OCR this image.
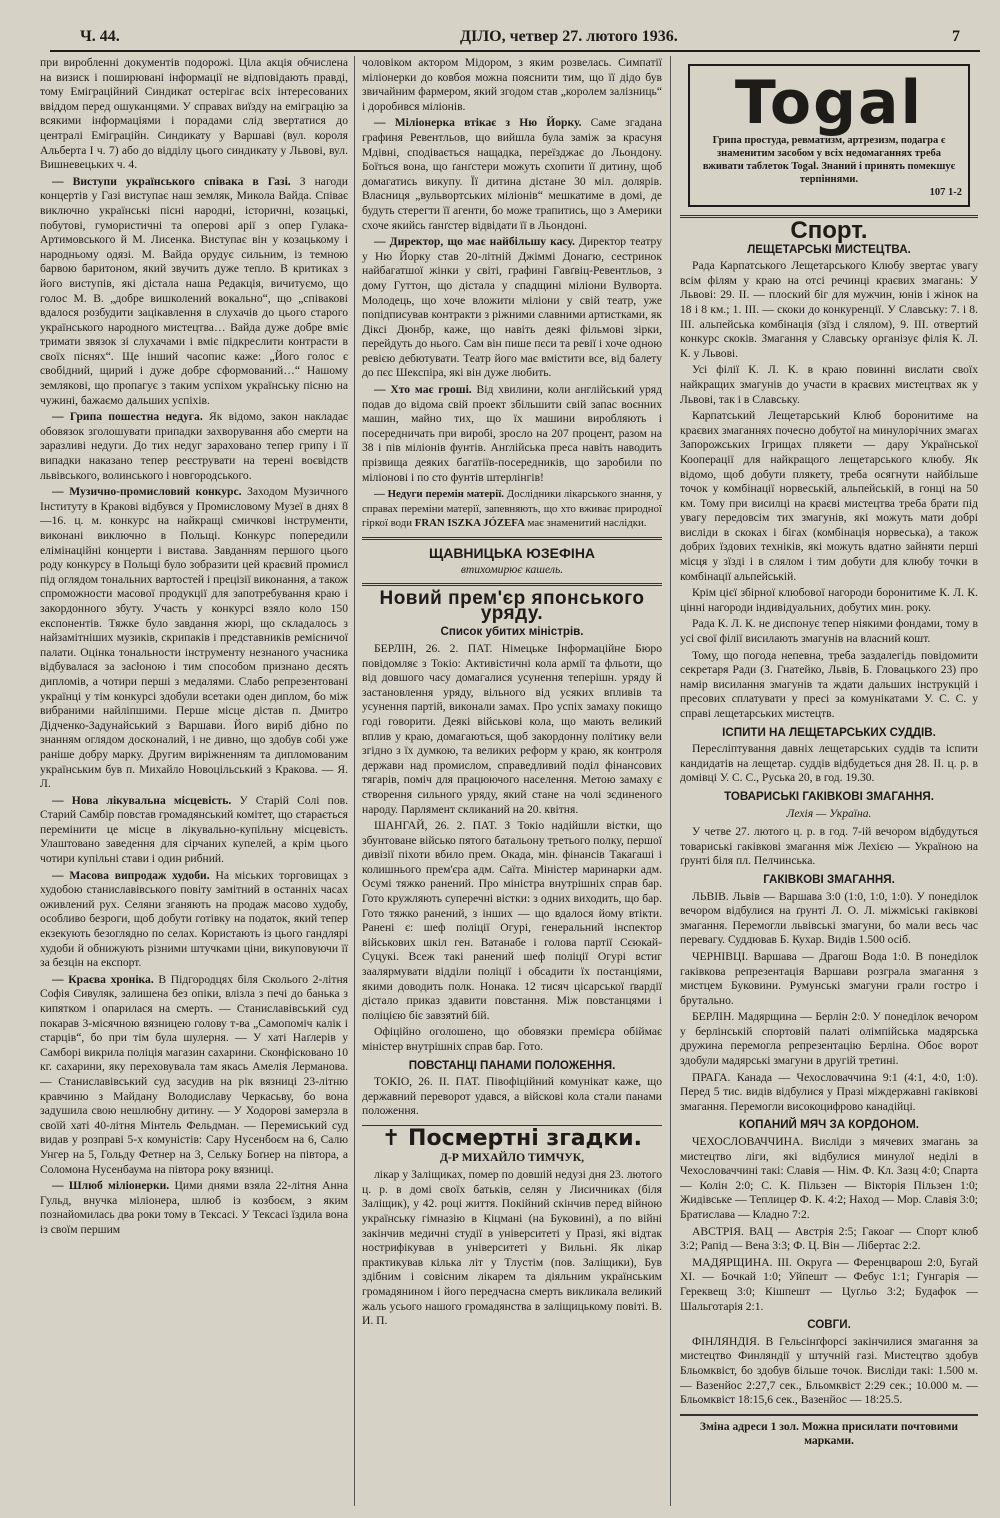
Ч. 44.	ДІЛО, четвер 27. лютого 1936.	7

при виробленні документів подорожі. Ціла акція обчислена на визиск і поширювані інформації не відповідають правді, тому Еміграційний Синдикат остерігає всіх інтересованих ввіддом перед ошуканцями. У справах виїзду на еміграцію за всякими інформаціями і порадами слід звертатися до централі Еміграційн. Синдикату у Варшаві (вул. короля Альберта І ч. 7) або до відділу цього синдикату у Львові, вул. Вишневецьких ч. 4.

— Виступи українського співака в Газі. З нагоди концертів у Газі виступає наш земляк, Микола Вайда. Співає виключно українські пісні народні, історичні, козацькі, побутові, гумористичні та оперові арії з опер Гулака-Артимовського й М. Лисенка. Виступає він у козацькому і народньому одязі. М. Вайда орудує сильним, із темною барвою баритоном, який звучить дуже тепло. В критиках з його виступів, які дістала наша Редакція, вичитуємо, що голос М. В. „добре вишколений вокально“, що „співакові вдалося розбудити зацікавлення в слухачів до цього старого українського народного мистецтва… Вайда дуже добре вміє тримати звязок зі слухачами і вміє підкреслити контрасти в своїх піснях“. Ще інший часопис каже: „Його голос є свобідний, щирий і дуже добре сформований…“ Нашому землякові, що пропагує з таким успіхом українську пісню на чужині, бажаємо дальших успіхів.

— Грипа пошестна недуга. Як відомо, закон накладає обовязок зголошувати припадки захворування або смерти на заразливі недуги. До тих недуг зараховано тепер грипу і її випадки наказано тепер реєструвати на терені воєвідств львівського, волинського і новгородського.

— Музично-промисловий конкурс. Заходом Музичного Інституту в Кракові відбувся у Промисловому Музеї в днях 8—16. ц. м. конкурс на найкращі смичкові інструменти, виконані виключно в Польщі. Конкурс попередили елімінаційні концерти і виставa. Завданням першого цього роду конкурсу в Польщі було зобразити цей краєвий промисл під оглядом тональних вартостей і прецізії виконання, а також спроможности масової продукції для запотребування краю і закордонного збуту. Участь у конкурсі взяло коло 150 експонентів. Тяжке було завдання жюрі, що складалось з найзамітніших музиків, скрипаків і представників ремісничої палати. Оцінка тональности інструменту незнаного учасника відбувалася за засłоною і тим способом признано десять дипломів, а чотири перші з медалями. Слабо репрезентовані українці у тім конкурсі здобули всетаки оден диплом, бо між вибраними найліпшими. Перше місце дістав п. Дмитро Дідченко-Задунайський з Варшави. Його виріб дібно по знанням оглядом досконалий, і не дивно, що здобув собі уже раніше добру марку. Другим виріжненням та дипломованим українським був п. Михайло Новоцільський з Кракова. — Я. Л.

— Нова лікувальна місцевість. У Старій Солі пов. Старий Самбір повстав громадянський комітет, що старається перемінити це місце в лікувально-купільну місцевість. Улаштовано заведення для сірчаних купелей, а крім цього чотири купільні стави і один рибний.

— Масова випродаж худоби. На міських торговищах з худобою станиславівського повіту замітний в останніх часах оживлений рух. Селяни зганяють на продаж масово худобу, особливо безроги, щоб добути готівку на податок, який тепер екзекують безоглядно по селах. Користають із цього гандлярі худоби й обнижують різними штучками ціни, викуповуючи її за безцін на експорт.

— Краєва хроніка. В Підгородцях біля Сколього 2-літня Софія Сивуляк, залишена без опіки, влізла з печі до банька з кипятком і опарилася на смерть. — Станиславівський суд покарав 3-місячною вязницею голову т-ва „Самопоміч калік і старців“, бо при тім була шулерня. — У хаті Наґлерів у Самборі викрила поліція магазин сахарини. Сконфісковано 10 кг. сахарини, яку переховувала там якась Амелія Лерманова. — Станиславівський суд засудив на рік вязниці 23-літню кравчиню з Майдану Володиславу Черкасьву, бо вона задушила свою нешлюбну дитину. — У Ходорові замерзла в своїй хаті 40-літня Мінтель Фельдман. — Перемиський суд видав у розправі 5-х комуністів: Сару Нусенбоєм на 6, Салю Унгер на 5, Гольду Фетнер на 3, Сельку Боґнер на півтора, а Соломона Нусенбаума на півтора року вязниці.

— Шлюб міліонерки. Цими днями взяла 22-літня Анна Гульд, внучка міліонера, шлюб із козбоєм, з яким познайомилась два роки тому в Тексасі. У Тексасі їздила вона із своїм першим

чоловіком актором Мідором, з яким розвелась. Симпатії міліонерки до ковбоя можна пояснити тим, що її дідо був звичайним фармером, який згодом став „королем залізниць“ і доробився міліонів.

— Міліонерка втікає з Ню Йорку. Саме згадана графиня Ревентльов, що вийшла була заміж за красуня Мдівні, сподівається нащадка, переїзджає до Льондону. Боїться вона, що ґанґстери можуть схопити її дитину, щоб домагатись викупу. Її дитина дістане 30 міл. долярів. Власниця „вульвортських міліонів“ мешкатиме в домі, де будуть стерегти її агенти, бо може трапитись, що з Америки схоче якийсь ґанґстер відвідати її в Льондоні.

— Директор, що має найбільшу касу. Директор театру у Ню Йорку став 20-літній Джіммі Донагю, сестринок найбагатшої жінки у світі, графині Гавґвіц-Ревентльов, з дому Гуттон, що дістала у спадщині міліони Вулворта. Молодець, що хоче вложити міліони у свій театр, уже попідписував контракти з ріжними славними артистками, як Діксі Дюнбр, каже, що навіть деякі фільмові зірки, перейдуть до нього. Сам він пише пєси та ревії і хоче одною ревією дебютувати. Театр його має вмістити все, від балету до пєс Шекспіра, які він дуже любить.

— Хто має гроші. Від хвилини, коли англійський уряд подав до відома свій проект збільшити свій запас воєнних машин, майно тих, що їх машини виробляють і посередничать при виробі, зросло на 207 процент, разом на 38 і пів міліонів фунтів. Англійська преса навіть наводить прізвища деяких багатіїв-посередників, що заробили по міліонові і по сто фунтів штерлінгів!

— Недуги перемін матерії. Дослідники лікарського знання, у справах переміни матерії, запевняють, що хто вживає природної гіркої води FRAN ISZKA JÓZEFA має знаменитий наслідки.

ЩАВНИЦЬКА ЮЗЕФІНА
втихомирює кашель.
Новий прем'єр японського уряду.
Список убитих міністрів.

БЕРЛІН, 26. 2. ПАТ. Німецьке Інформаційне Бюро повідомляє з Токіо: Активістичні кола армії та фльоти, що від довшого часу домагалися усунення теперішн. уряду й застановлення уряду, вільного від усяких впливів та усунення партій, виконали замах. Про успіх замаху покищо годі говорити. Деякі військові кола, що мають великий вплив у краю, домагаються, щоб закордонну політику вели згідно з їх думкою, та великих реформ у краю, як контроля держави над промислом, справедливий поділ фінансових тягарів, поміч для працюючого населення. Метою замаху є створення сильного уряду, який стане на чолі зєдиненого народу. Парлямент скликаний на 20. квітня.

ШАНГАЙ, 26. 2. ПАТ. З Токіо надійшли вістки, що збунтоване військо пятого батальону третього полку, першої дивізії піхоти вбило прем. Окада, мін. фінансів Такагаші і колишнього прем'єра адм. Саїта. Міністер маринарки адм. Осумі тяжко ранений. Про міністра внутрішніх справ бар. Гото кружляють суперечні вістки: з одних виходить, що бар. Гото тяжко ранений, з інших — що вдалося йому втікти. Ранені є: шеф поліції Огурі, генеральний інспектор військових шкіл ген. Ватанабе і голова партії Сєюкай-Суцукі. Всеж такі ранений шеф поліції Огурі встиг заалярмувати відділи поліції і обсадити їх постанціями, якими доводить полк. Нонака. 12 тисяч цісарської ґвардії дістало приказ здавити повстання. Між повстанцями і поліцією біє завзятий бій.

Офіційно оголошено, що обовязки премієра обіймає міністер внутрішніх справ бар. Гото.

ПОВСТАНЦІ ПАНАМИ ПОЛОЖЕННЯ.

ТОКІО, 26. ІІ. ПАТ. Півофіційний комунікат каже, що державний переворот удався, а війскові кола стали панами положення.

✝ Посмертні згадки.
Д-Р МИХАЙЛО ТИМЧУК,

лікар у Заліщиках, помер по довшій недузі дня 23. лютого ц. р. в домі своїх батьків, селян у Лисичниках (біля Заліщик), у 42. році життя. Покійний скінчив перед війною українську гімназію в Кіцмані (на Буковині), а по війні закінчив медичні студії в університеті у Празі, які відтак нострифікував в університеті у Вильні. Як лікар практикував кілька літ у Тлустім (пов. Заліщики), Був здібним і совісним лікарем та діяльним українським громадянином і його передчасна смерть викликала великий жаль усього нашого громадянства в заліщицькому повіті. В. И. П.

Togal
Грипа простуда, ревматизм, артрезизм, подагра є знаменитим засобом у всіх недомаганнях треба вживати таблеток Togal. Знаний і принять помекшує терпіннями.
107 1-2
Спорт.
ЛЕЩЕТАРСЬКІ МИСТЕЦТВА.

Рада Карпатського Лещетарського Клюбу звертає увагу всім філям у краю на отсі речинці краєвих змагань: У Львові: 29. ІІ. — плоский біг для мужчин, юнів і жінок на 18 і 8 км.; 1. ІІІ. — скоки до конкуренції. У Славську: 7. і 8. ІІІ. альпейська комбінація (зїзд і слялом), 9. ІІІ. отвертий конкурс скоків. Змагання у Славську організує філія К. Л. К. у Львові.

Усі філії К. Л. К. в краю повинні вислати своїх найкращих змагунів до участи в краєвих мистецтвах як у Львові, так і в Славську.

Карпатський Лещетарський Клюб боронитиме на краєвих змаганнях почесно добутої на минулорічних змагах Запорожських Ігрищах плякети — дару Української Кооперації для найкращого лещетарського клюбу. Як відомо, щоб добути плякету, треба осягнути найбільше точок у комбінації норвеській, альпейській, в гонці на 50 км. Тому при висилці на краєві мистецтва треба брати під увагу передовсім тих змагунів, які можуть мати добрі висліди в скоках і бігах (комбінація норвеська), а також добрих їздових техніків, які можуть вдатно зайняти перші місця у зїзді і в слялом і тим добути для клюбу точки в комбінації альпейській.

Крім цієї збірної клюбової нагороди боронитиме К. Л. К. цінні нагороди індивідуальних, добутих мин. року.

Рада К. Л. К. не диспонує тепер ніякими фондами, тому в усі свої філії висилають змагунів на власний кошт.

Тому, що погода непевна, треба заздалегідь повідомити секретаря Ради (З. Гнатейко, Львів, Б. Гловацького 23) про намір висилання змагунів та ждати дальших інструкцій і пресових сплатувати у пресі за комунікатами У. С. С. у справі лещетарських мистецтв.

ІСПИТИ НА ЛЕЩЕТАРСЬКИХ СУДДІВ.

Пересліптування давніх лещетарських суддів та іспити кандидатів на лещетар. суддів відбудеться дня 28. II. ц. р. в домівці У. С. С., Руська 20, в год. 19.30.

ТОВАРИСЬКІ ГАКІВКОВІ ЗМАГАННЯ.
Лехія — Україна.

У четве 27. лютого ц. р. в год. 7-ій вечором відбудуться товариські гаківкові змагання між Лехією — Україною на ґрунті біля пл. Пелчинська.

ГАКІВКОВІ ЗМАГАННЯ.

ЛЬВІВ. Львів — Варшава 3:0 (1:0, 1:0, 1:0). У понеділок вечором відбулися на ґрунті Л. О. Л. міжміські гаківкові змагання. Перемогли львівські змагуни, бо мали весь час перевагу. Суддював Б. Кухар. Видів 1.500 осіб.

ЧЕРНІВЦІ. Варшава — Драгош Вода 1:0. В понеділок гаківкова репрезентація Варшави розграла змагання з мистцем Буковини. Румунські змагуни грали гостро і брутально.

БЕРЛІН. Мадярщина — Берлін 2:0. У понеділок вечором у берлінській спортовій палаті олімпійська мадярська дружина перемогла репрезентацію Берліна. Обоє ворот здобули мадярські змагуни в другій третині.

ПРАГА. Канада — Чехословаччина 9:1 (4:1, 4:0, 1:0). Перед 5 тис. видів відбулися у Празі міждержавні гаківкові змагання. Перемогли високоцифрово канадійці.

КОПАНИЙ МЯЧ ЗА КОРДОНОМ.

ЧЕХОСЛОВАЧЧИНА. Висліди з мячевих змагань за мистецтво ліги, які відбулися минулої неділі в Чехословаччині такі: Славія — Нім. Ф. Кл. Зазц 4:0; Спарта — Колін 2:0; С. К. Пільзен — Вікторія Пільзен 1:0; Жидівське — Теплицер Ф. К. 4:2; Наход — Мор. Славія 3:0; Братислава — Кладно 7:2.

АВСТРІЯ. ВАЦ — Австрія 2:5; Гакоаг — Спорт клюб 3:2; Рапід — Вена 3:3; Ф. Ц. Він — Лібертас 2:2.

МАДЯРЩИНА. III. Округа — Ференцварош 2:0, Бугай XI. — Бочкай 1:0; Уйпешт — Фебус 1:1; Гунгарія — Гереквещ 3:0; Кішпешт — Цуґльо 3:2; Будафок — Шальготарія 2:1.

СОВГИ.

ФІНЛЯНДІЯ. В Гельсінґфорсі закінчилися змагання за мистецтво Финляндії у штучній газі. Мистецтво здобув Бльомквіст, бо здобув більше точок. Висліди такі: 1.500 м. — Вазенйос 2:27,7 сек., Бльомквіст 2:29 сек.; 10.000 м. — Бльомквіст 18:15,6 сек., Вазенйос — 18:25.5.

Зміна адреси 1 зол. Можна присилати почтовими марками.
